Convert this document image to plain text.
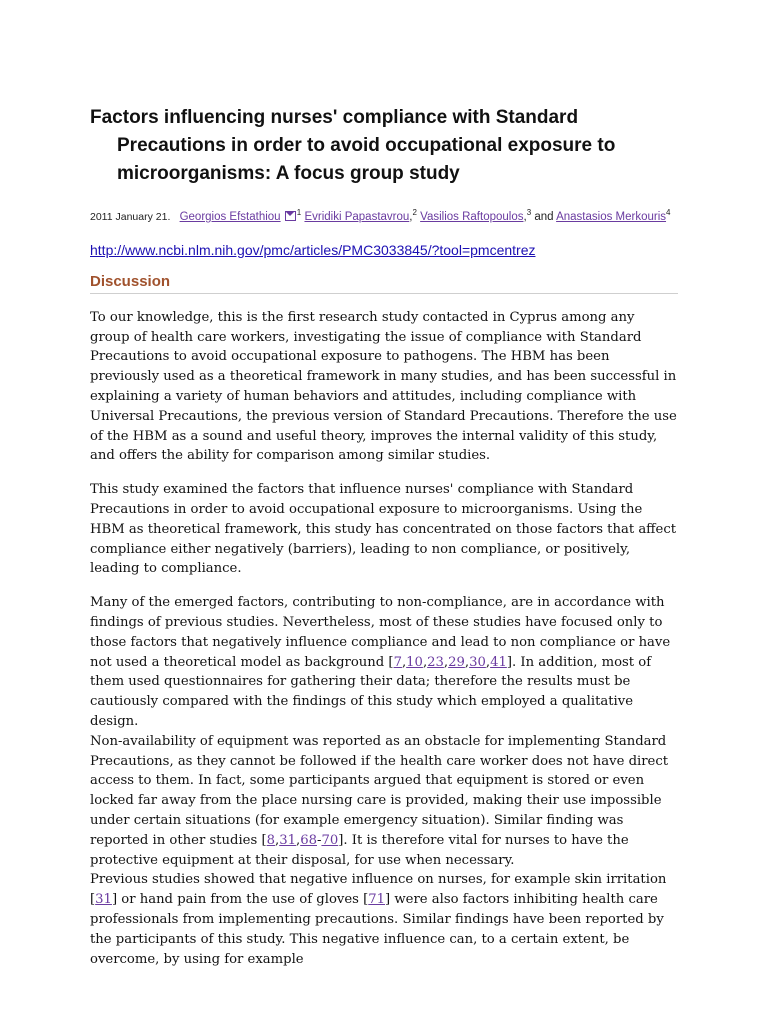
Factors influencing nurses' compliance with Standard
Precautions in order to avoid occupational exposure to
microorganisms: A focus group study
2011 January 21. Georgios Efstathiou $^1$ Evridiki Papastavrou,$^2$ Vasilios Raftopoulos,$^3$ and Anastasios Merkouris$^4$
http://www.ncbi.nlm.nih.gov/pmc/articles/PMC3033845/?tool=pmcentrez
Discussion

To our knowledge, this is the first research study contacted in Cyprus among any group of health care workers, investigating the issue of compliance with Standard Precautions to avoid occupational exposure to pathogens. The HBM has been previously used as a theoretical framework in many studies, and has been successful in explaining a variety of human behaviors and attitudes, including compliance with Universal Precautions, the previous version of Standard Precautions. Therefore the use of the HBM as a sound and useful theory, improves the internal validity of this study, and offers the ability for comparison among similar studies.

This study examined the factors that influence nurses' compliance with Standard Precautions in order to avoid occupational exposure to microorganisms. Using the HBM as theoretical framework, this study has concentrated on those factors that affect compliance either negatively (barriers), leading to non compliance, or positively, leading to compliance.

Many of the emerged factors, contributing to non-compliance, are in accordance with findings of previous studies. Nevertheless, most of these studies have focused only to those factors that negatively influence compliance and lead to non compliance or have not used a theoretical model as background [7,10,23,29,30,41]. In addition, most of them used questionnaires for gathering their data; therefore the results must be cautiously compared with the findings of this study which employed a qualitative design.

Non-availability of equipment was reported as an obstacle for implementing Standard Precautions, as they cannot be followed if the health care worker does not have direct access to them. In fact, some participants argued that equipment is stored or even locked far away from the place nursing care is provided, making their use impossible under certain situations (for example emergency situation). Similar finding was reported in other studies [8,31,68-70]. It is therefore vital for nurses to have the protective equipment at their disposal, for use when necessary.

Previous studies showed that negative influence on nurses, for example skin irritation [31] or hand pain from the use of gloves [71] were also factors inhibiting health care professionals from implementing precautions. Similar findings have been reported by the participants of this study. This negative influence can, to a certain extent, be overcome, by using for example
